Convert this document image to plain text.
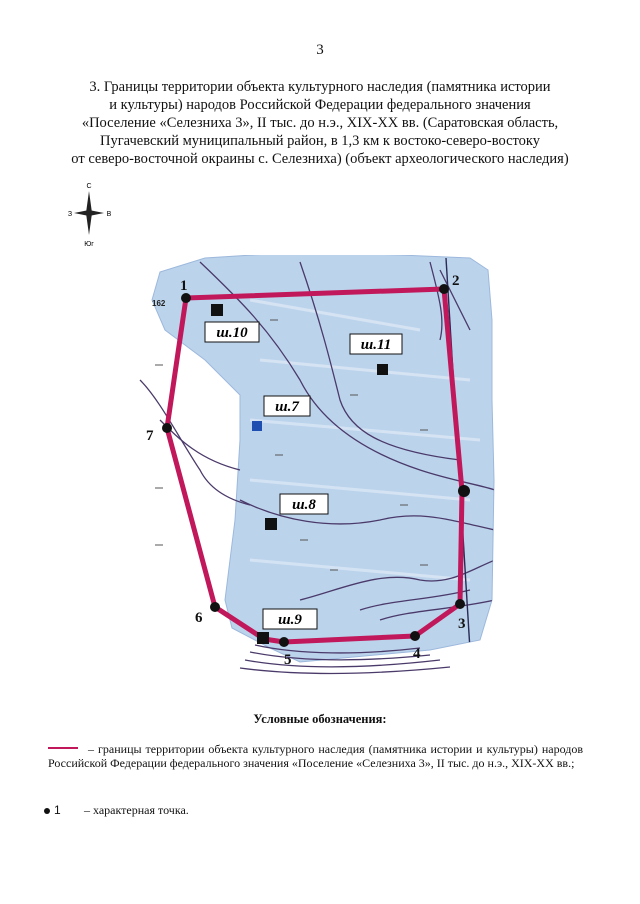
3
3. Границы территории объекта культурного наследия (памятника истории
и культуры) народов Российской Федерации федерального значения
«Поселение «Селезниха 3», II тыс. до н.э., XIX-XX вв. (Саратовская область,
Пугачевский муниципальный район, в 1,3 км к востоко-северо-востоку
от северо-восточной окраины с. Селезниха) (объект археологического наследия)
С
З	В
Юг
1	2
3
4
5
6
7
162
ш.10
ш.11
ш.7
ш.8
ш.9
Условные обозначения:
– границы территории объекта культурного наследия (памятника истории и культуры) народов Российской Федерации федерального значения «Поселение «Селезниха 3», II тыс. до н.э., XIX-XX вв.;
1 – характерная точка.
